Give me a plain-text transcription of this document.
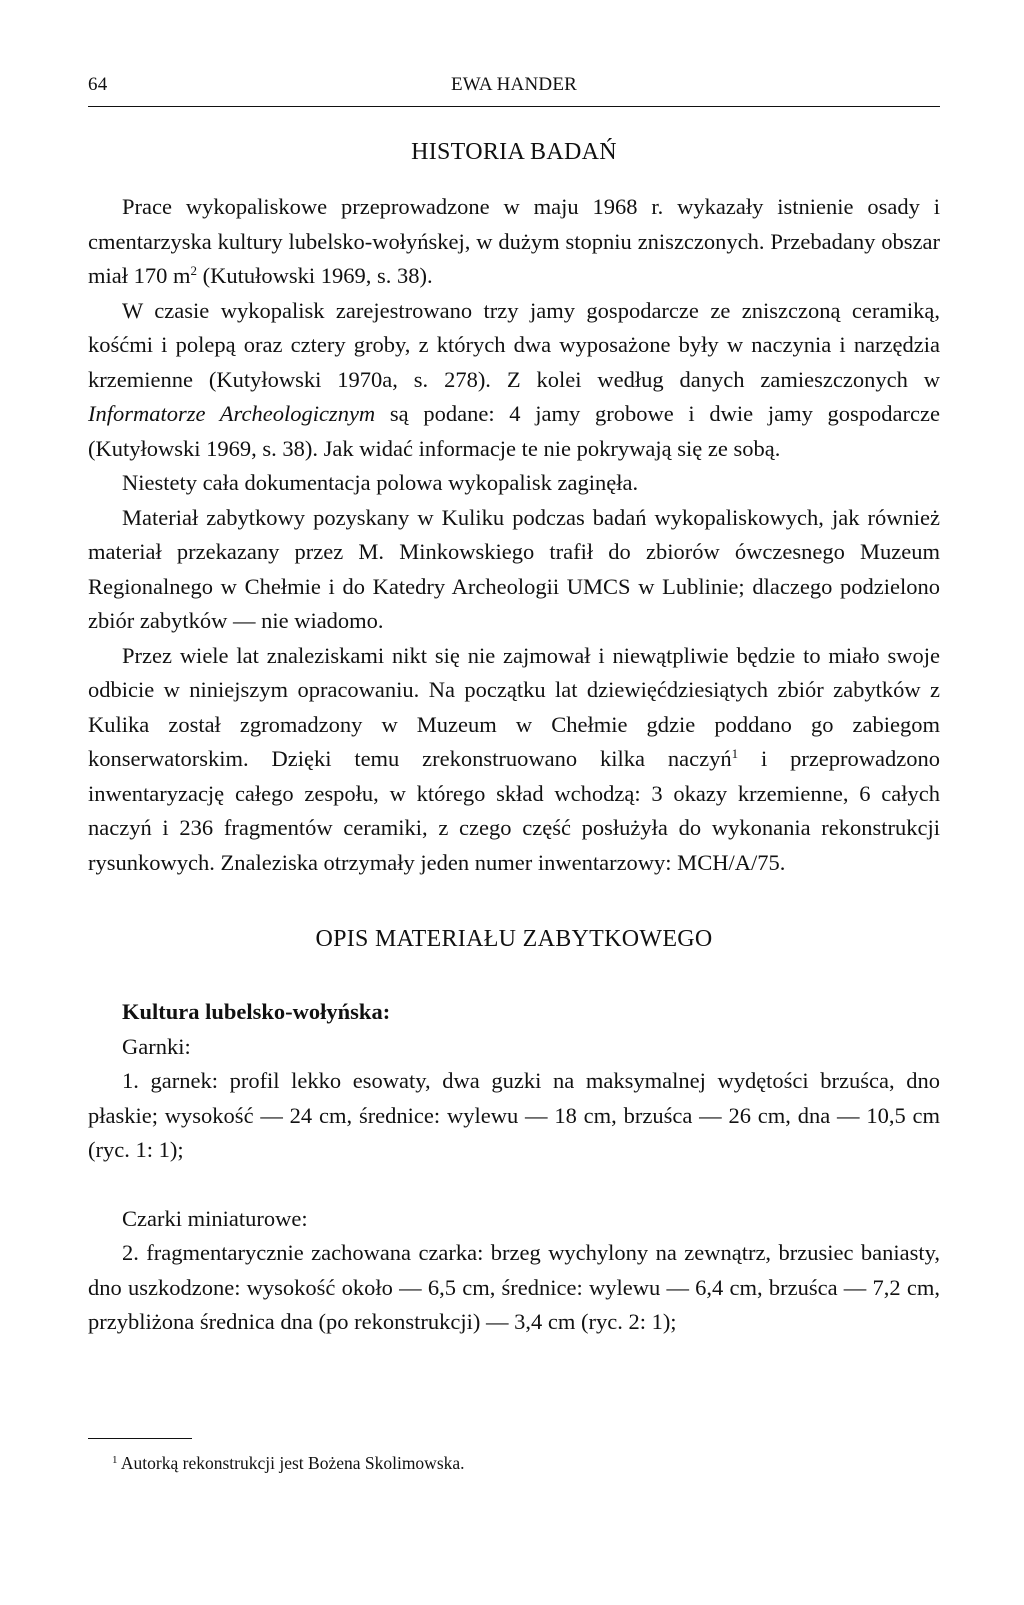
64	EWA HANDER
HISTORIA BADAŃ

Prace wykopaliskowe przeprowadzone w maju 1968 r. wykazały istnienie osady i cmentarzyska kultury lubelsko-wołyńskej, w dużym stopniu zniszczonych. Przebadany obszar miał 170 $m^2$ (Kutułowski 1969, s. 38).

W czasie wykopalisk zarejestrowano trzy jamy gospodarcze ze zniszczoną ceramiką, kośćmi i polepą oraz cztery groby, z których dwa wyposażone były w naczynia i narzędzia krzemienne (Kutyłowski 1970a, s. 278). Z kolei według danych zamieszczonych w Informatorze Archeologicznym są podane: 4 jamy grobowe i dwie jamy gospodarcze (Kutyłowski 1969, s. 38). Jak widać informacje te nie pokrywają się ze sobą.

Niestety cała dokumentacja polowa wykopalisk zaginęła.

Materiał zabytkowy pozyskany w Kuliku podczas badań wykopaliskowych, jak również materiał przekazany przez M. Minkowskiego trafił do zbiorów ówczesnego Muzeum Regionalnego w Chełmie i do Katedry Archeologii UMCS w Lublinie; dlaczego podzielono zbiór zabytków — nie wiadomo.

Przez wiele lat znaleziskami nikt się nie zajmował i niewątpliwie będzie to miało swoje odbicie w niniejszym opracowaniu. Na początku lat dziewięćdziesiątych zbiór zabytków z Kulika został zgromadzony w Muzeum w Chełmie gdzie poddano go zabiegom konserwatorskim. Dzięki temu zrekonstruowano kilka naczyń$^1$ i przeprowadzono inwentaryzację całego zespołu, w którego skład wchodzą: 3 okazy krzemienne, 6 całych naczyń i 236 fragmentów ceramiki, z czego część posłużyła do wykonania rekonstrukcji rysunkowych. Znaleziska otrzymały jeden numer inwentarzowy: MCH/A/75.

OPIS MATERIAŁU ZABYTKOWEGO
Kultura lubelsko-wołyńska:
Garnki:

1. garnek: profil lekko esowaty, dwa guzki na maksymalnej wydętości brzuśca, dno płaskie; wysokość — 24 cm, średnice: wylewu — 18 cm, brzuśca — 26 cm, dna — 10,5 cm (ryc. 1: 1);

Czarki miniaturowe:

2. fragmentarycznie zachowana czarka: brzeg wychylony na zewnątrz, brzusiec baniasty, dno uszkodzone: wysokość około — 6,5 cm, średnice: wylewu — 6,4 cm, brzuśca — 7,2 cm, przybliżona średnica dna (po rekonstrukcji) — 3,4 cm (ryc. 2: 1);

$^1$ Autorką rekonstrukcji jest Bożena Skolimowska.
